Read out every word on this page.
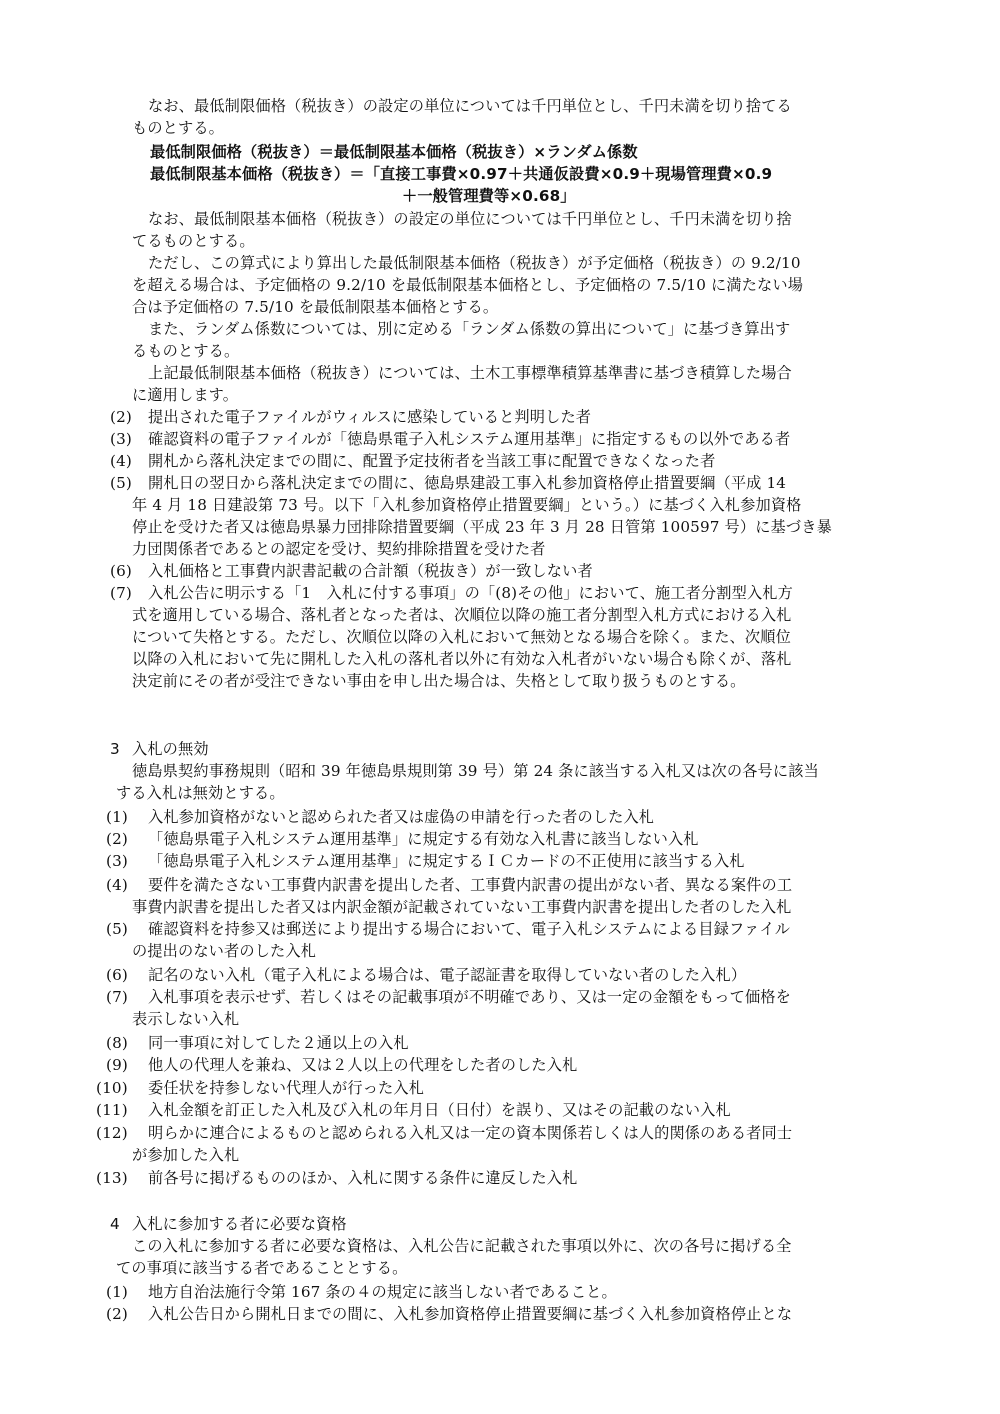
なお、最低制限価格（税抜き）の設定の単位については千円単位とし、千円未満を切り捨てる
ものとする。
最低制限価格（税抜き）＝最低制限基本価格（税抜き）×ランダム係数
最低制限基本価格（税抜き）＝「直接工事費×0.97＋共通仮設費×0.9＋現場管理費×0.9
＋一般管理費等×0.68」
なお、最低制限基本価格（税抜き）の設定の単位については千円単位とし、千円未満を切り捨
てるものとする。
ただし、この算式により算出した最低制限基本価格（税抜き）が予定価格（税抜き）の 9.2/10
を超える場合は、予定価格の 9.2/10 を最低制限基本価格とし、予定価格の 7.5/10 に満たない場
合は予定価格の 7.5/10 を最低制限基本価格とする。
また、ランダム係数については、別に定める「ランダム係数の算出について」に基づき算出す
るものとする。
上記最低制限基本価格（税抜き）については、土木工事標準積算基準書に基づき積算した場合
に適用します。
(2) 提出された電子ファイルがウィルスに感染していると判明した者
(3) 確認資料の電子ファイルが「徳島県電子入札システム運用基準」に指定するもの以外である者
(4) 開札から落札決定までの間に、配置予定技術者を当該工事に配置できなくなった者
(5) 開札日の翌日から落札決定までの間に、徳島県建設工事入札参加資格停止措置要綱（平成 14
年 4 月 18 日建設第 73 号。以下「入札参加資格停止措置要綱」という。）に基づく入札参加資格
停止を受けた者又は徳島県暴力団排除措置要綱（平成 23 年 3 月 28 日管第 100597 号）に基づき暴
力団関係者であるとの認定を受け、契約排除措置を受けた者
(6) 入札価格と工事費内訳書記載の合計額（税抜き）が一致しない者
(7) 入札公告に明示する「1　入札に付する事項」の「(8)その他」において、施工者分割型入札方
式を適用している場合、落札者となった者は、次順位以降の施工者分割型入札方式における入札
について失格とする。ただし、次順位以降の入札において無効となる場合を除く。また、次順位
以降の入札において先に開札した入札の落札者以外に有効な入札者がいない場合も除くが、落札
決定前にその者が受注できない事由を申し出た場合は、失格として取り扱うものとする。
3 入札の無効
徳島県契約事務規則（昭和 39 年徳島県規則第 39 号）第 24 条に該当する入札又は次の各号に該当
する入札は無効とする。
(1) 入札参加資格がないと認められた者又は虚偽の申請を行った者のした入札
(2) 「徳島県電子入札システム運用基準」に規定する有効な入札書に該当しない入札
(3) 「徳島県電子入札システム運用基準」に規定するＩＣカードの不正使用に該当する入札
(4) 要件を満たさない工事費内訳書を提出した者、工事費内訳書の提出がない者、異なる案件の工
事費内訳書を提出した者又は内訳金額が記載されていない工事費内訳書を提出した者のした入札
(5) 確認資料を持参又は郵送により提出する場合において、電子入札システムによる目録ファイル
の提出のない者のした入札
(6) 記名のない入札（電子入札による場合は、電子認証書を取得していない者のした入札）
(7) 入札事項を表示せず、若しくはその記載事項が不明確であり、又は一定の金額をもって価格を
表示しない入札
(8) 同一事項に対してした２通以上の入札
(9) 他人の代理人を兼ね、又は２人以上の代理をした者のした入札
(10) 委任状を持参しない代理人が行った入札
(11) 入札金額を訂正した入札及び入札の年月日（日付）を誤り、又はその記載のない入札
(12) 明らかに連合によるものと認められる入札又は一定の資本関係若しくは人的関係のある者同士
が参加した入札
(13) 前各号に掲げるもののほか、入札に関する条件に違反した入札
4 入札に参加する者に必要な資格
この入札に参加する者に必要な資格は、入札公告に記載された事項以外に、次の各号に掲げる全
ての事項に該当する者であることとする。
(1) 地方自治法施行令第 167 条の４の規定に該当しない者であること。
(2) 入札公告日から開札日までの間に、入札参加資格停止措置要綱に基づく入札参加資格停止とな
